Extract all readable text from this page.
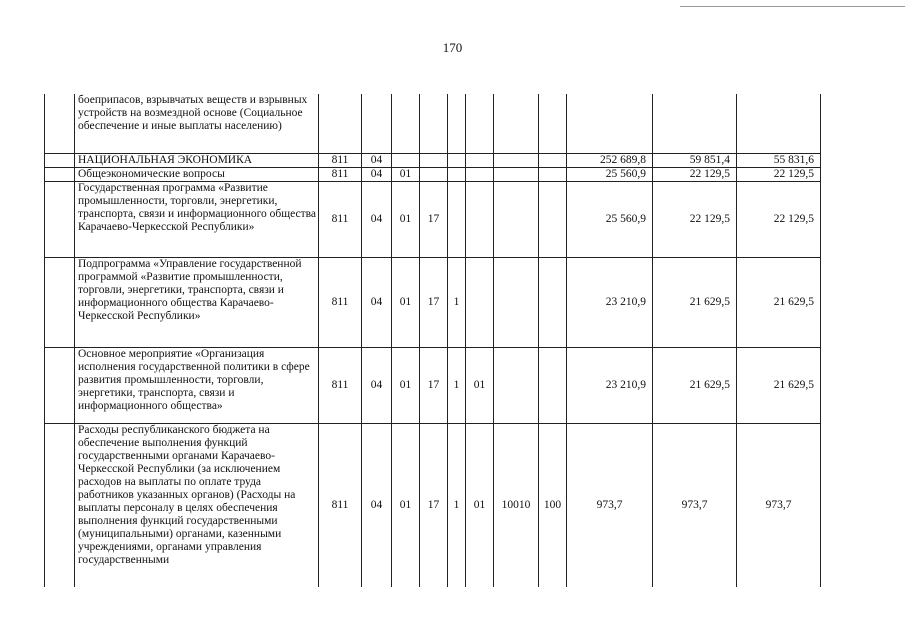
170
	боеприпасов, взрывчатых веществ и взрывных устройств на возмездной основе (Социальное обеспечение и иные выплаты населению)											
	НАЦИОНАЛЬНАЯ ЭКОНОМИКА	811	04							252 689,8	59 851,4	55 831,6
	Общеэкономические вопросы	811	04	01						25 560,9	22 129,5	22 129,5
	Государственная программа «Развитие промышленности, торговли, энергетики, транспорта, связи и информационного общества Карачаево-Черкесской Республики»	811	04	01	17					25 560,9	22 129,5	22 129,5
	Подпрограмма «Управление государственной программой «Развитие промышленности, торговли, энергетики, транспорта, связи и информационного общества Карачаево-Черкесской Республики»	811	04	01	17	1				23 210,9	21 629,5	21 629,5
	Основное мероприятие «Организация исполнения государственной политики в сфере развития промышленности, торговли, энергетики, транспорта, связи и информационного общества»	811	04	01	17	1	01			23 210,9	21 629,5	21 629,5
	Расходы республиканского бюджета на обеспечение выполнения функций государственными органами Карачаево-Черкесской Республики (за исключением расходов на выплаты по оплате труда работников указанных органов) (Расходы на выплаты персоналу в целях обеспечения выполнения функций государственными (муниципальными) органами, казенными учреждениями, органами управления государственными	811	04	01	17	1	01	10010	100	973,7	973,7	973,7
